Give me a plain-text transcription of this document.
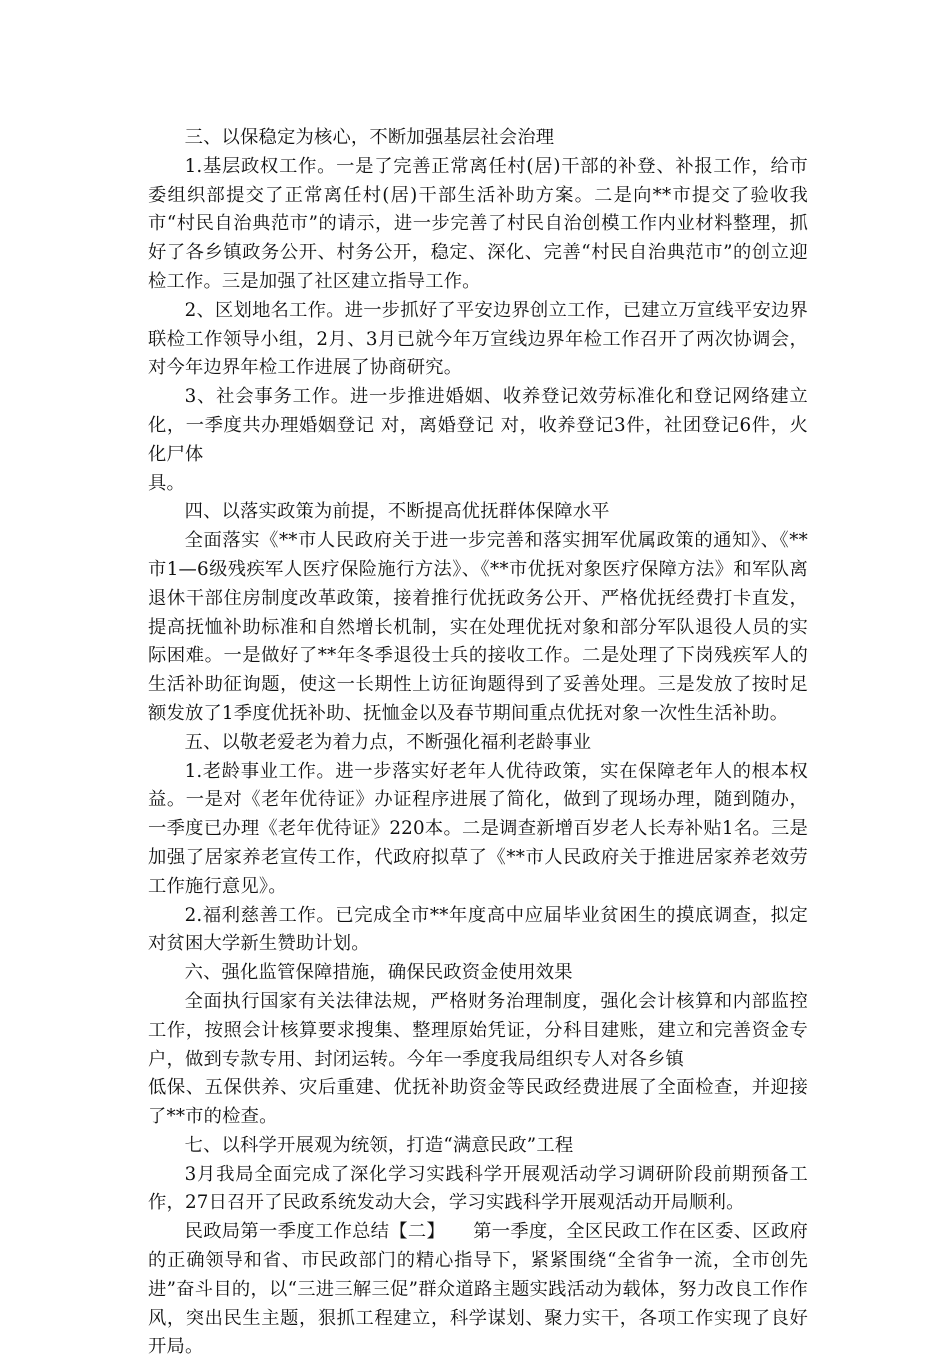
三、以保稳定为核心，不断加强基层社会治理

1.基层政权工作。一是了完善正常离任村(居)干部的补登、补报工作，给市委组织部提交了正常离任村(居)干部生活补助方案。二是向**市提交了验收我市“村民自治典范市”的请示，进一步完善了村民自治创模工作内业材料整理，抓好了各乡镇政务公开、村务公开，稳定、深化、完善“村民自治典范市”的创立迎检工作。三是加强了社区建立指导工作。

2、区划地名工作。进一步抓好了平安边界创立工作，已建立万宣线平安边界联检工作领导小组，2月、3月已就今年万宣线边界年检工作召开了两次协调会，对今年边界年检工作进展了协商研究。

3、社会事务工作。进一步推进婚姻、收养登记效劳标准化和登记网络建立化，一季度共办理婚姻登记 对，离婚登记 对，收养登记3件，社团登记6件，火化尸体

具。

四、以落实政策为前提，不断提高优抚群体保障水平

全面落实《**市人民政府关于进一步完善和落实拥军优属政策的通知》、《**市1—6级残疾军人医疗保险施行方法》、《**市优抚对象医疗保障方法》和军队离退休干部住房制度改革政策，接着推行优抚政务公开、严格优抚经费打卡直发，提高抚恤补助标准和自然增长机制，实在处理优抚对象和部分军队退役人员的实际困难。一是做好了**年冬季退役士兵的接收工作。二是处理了下岗残疾军人的生活补助征询题，使这一长期性上访征询题得到了妥善处理。三是发放了按时足额发放了1季度优抚补助、抚恤金以及春节期间重点优抚对象一次性生活补助。

五、以敬老爱老为着力点，不断强化福利老龄事业

1.老龄事业工作。进一步落实好老年人优待政策，实在保障老年人的根本权益。一是对《老年优待证》办证程序进展了简化，做到了现场办理，随到随办，一季度已办理《老年优待证》220本。二是调查新增百岁老人长寿补贴1名。三是加强了居家养老宣传工作，代政府拟草了《**市人民政府关于推进居家养老效劳工作施行意见》。

2.福利慈善工作。已完成全市**年度高中应届毕业贫困生的摸底调查，拟定对贫困大学新生赞助计划。

六、强化监管保障措施，确保民政资金使用效果

全面执行国家有关法律法规，严格财务治理制度，强化会计核算和内部监控工作，按照会计核算要求搜集、整理原始凭证，分科目建账，建立和完善资金专户，做到专款专用、封闭运转。今年一季度我局组织专人对各乡镇

低保、五保供养、灾后重建、优抚补助资金等民政经费进展了全面检查，并迎接了**市的检查。

七、以科学开展观为统领，打造“满意民政”工程

3月我局全面完成了深化学习实践科学开展观活动学习调研阶段前期预备工作，27日召开了民政系统发动大会，学习实践科学开展观活动开局顺利。

民政局第一季度工作总结【二】　　第一季度，全区民政工作在区委、区政府的正确领导和省、市民政部门的精心指导下，紧紧围绕“全省争一流，全市创先进”奋斗目的，以“三进三解三促”群众道路主题实践活动为载体，努力改良工作作风，突出民生主题，狠抓工程建立，科学谋划、聚力实干，各项工作实现了良好开局。
